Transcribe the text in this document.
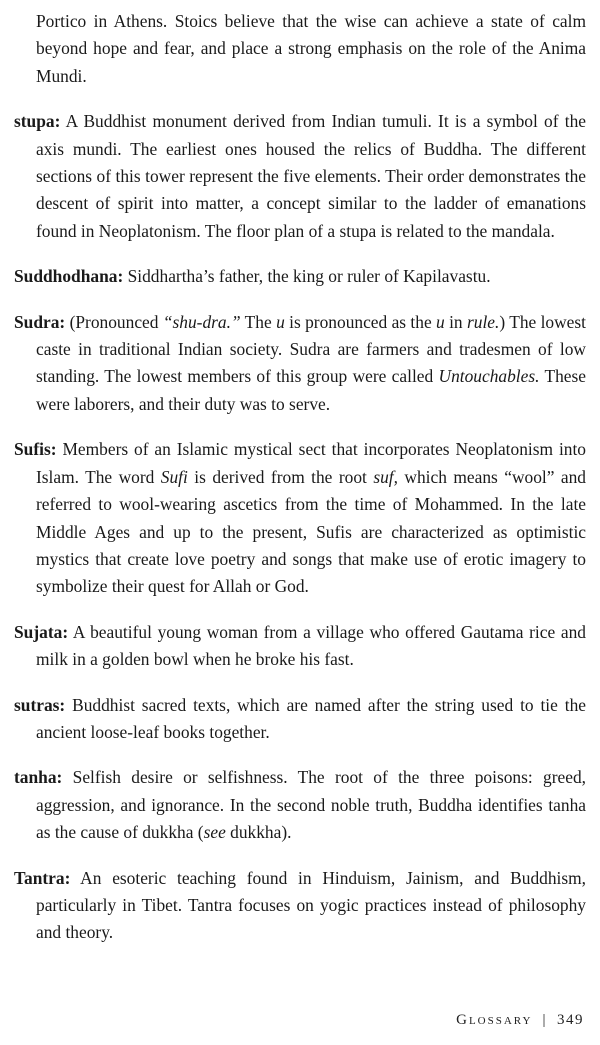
Portico in Athens. Stoics believe that the wise can achieve a state of calm beyond hope and fear, and place a strong emphasis on the role of the Anima Mundi.

stupa: A Buddhist monument derived from Indian tumuli. It is a symbol of the axis mundi. The earliest ones housed the relics of Buddha. The different sections of this tower represent the five elements. Their order demonstrates the descent of spirit into matter, a concept similar to the ladder of emanations found in Neoplatonism. The floor plan of a stupa is related to the mandala.

Suddhodhana: Siddhartha’s father, the king or ruler of Kapilavastu.

Sudra: (Pronounced “shu-dra.” The u is pronounced as the u in rule.) The lowest caste in traditional Indian society. Sudra are farmers and tradesmen of low standing. The lowest members of this group were called Untouchables. These were laborers, and their duty was to serve.

Sufis: Members of an Islamic mystical sect that incorporates Neoplatonism into Islam. The word Sufi is derived from the root suf, which means “wool” and referred to wool-wearing ascetics from the time of Mohammed. In the late Middle Ages and up to the present, Sufis are characterized as optimistic mystics that create love poetry and songs that make use of erotic imagery to symbolize their quest for Allah or God.

Sujata: A beautiful young woman from a village who offered Gautama rice and milk in a golden bowl when he broke his fast.

sutras: Buddhist sacred texts, which are named after the string used to tie the ancient loose-leaf books together.

tanha: Selfish desire or selfishness. The root of the three poisons: greed, aggression, and ignorance. In the second noble truth, Buddha identifies tanha as the cause of dukkha (see dukkha).

Tantra: An esoteric teaching found in Hinduism, Jainism, and Buddhism, particularly in Tibet. Tantra focuses on yogic practices instead of philosophy and theory.

Glossary | 349
